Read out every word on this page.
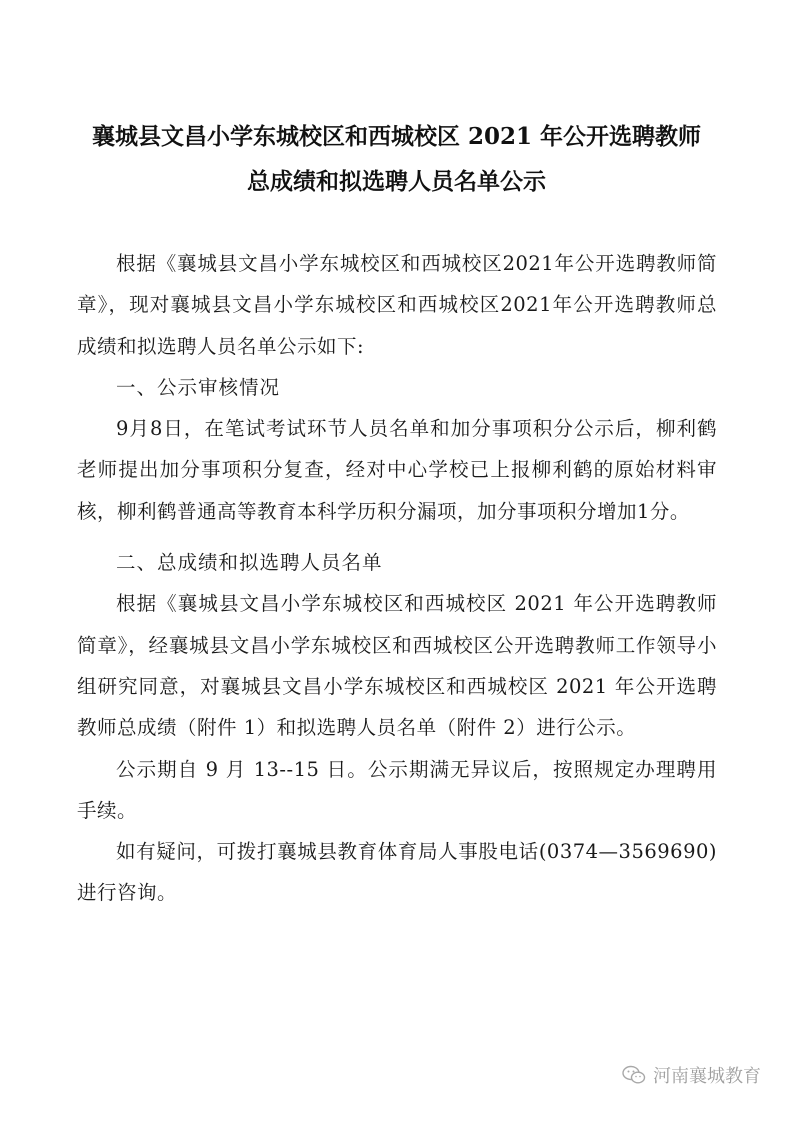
襄城县文昌小学东城校区和西城校区 2021 年公开选聘教师
总成绩和拟选聘人员名单公示

根据《襄城县文昌小学东城校区和西城校区2021年公开选聘教师简章》，现对襄城县文昌小学东城校区和西城校区2021年公开选聘教师总成绩和拟选聘人员名单公示如下:

一、公示审核情况

9月8日，在笔试考试环节人员名单和加分事项积分公示后，柳利鹤老师提出加分事项积分复查，经对中心学校已上报柳利鹤的原始材料审核，柳利鹤普通高等教育本科学历积分漏项，加分事项积分增加1分。

二、总成绩和拟选聘人员名单

根据《襄城县文昌小学东城校区和西城校区 2021 年公开选聘教师简章》，经襄城县文昌小学东城校区和西城校区公开选聘教师工作领导小组研究同意，对襄城县文昌小学东城校区和西城校区 2021 年公开选聘教师总成绩（附件 1）和拟选聘人员名单（附件 2）进行公示。

公示期自 9 月 13--15 日。公示期满无异议后，按照规定办理聘用手续。

如有疑问，可拨打襄城县教育体育局人事股电话(0374—3569690)进行咨询。

河南襄城教育
